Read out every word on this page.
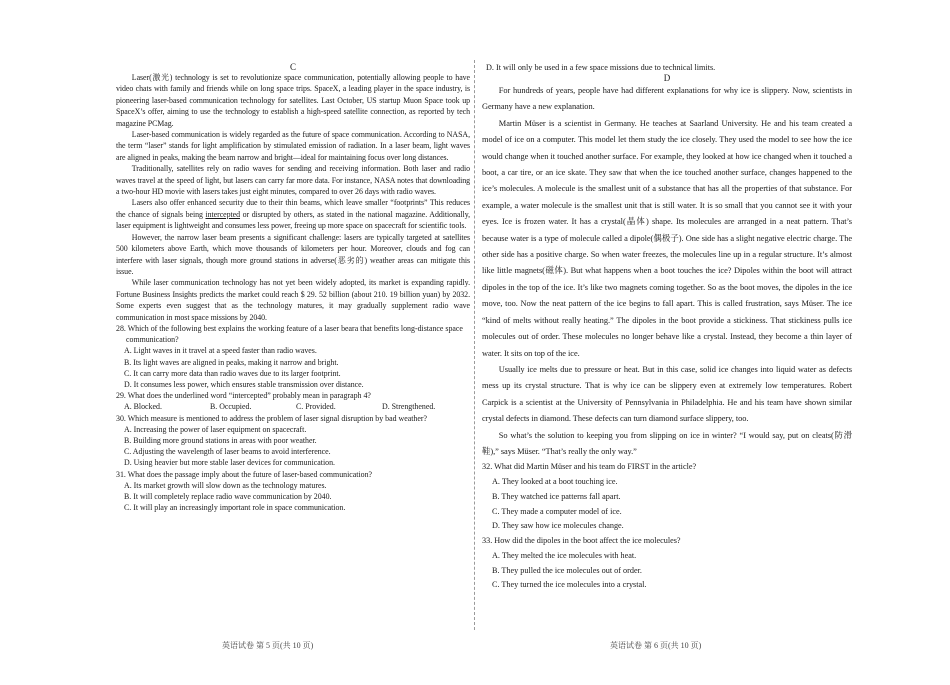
C

Laser(激光) technology is set to revolutionize space communication, potentially allowing people to have video chats with family and friends while on long space trips. SpaceX, a leading player in the space industry, is pioneering laser-based communication technology for satellites. Last October, US startup Muon Space took up SpaceX’s offer, aiming to use the technology to establish a high-speed satellite connection, as reported by tech magazine PCMag.

Laser-based communication is widely regarded as the future of space communication. According to NASA, the term “laser” stands for light amplification by stimulated emission of radiation. In a laser beam, light waves are aligned in peaks, making the beam narrow and bright—ideal for maintaining focus over long distances.

Traditionally, satellites rely on radio waves for sending and receiving information. Both laser and radio waves travel at the speed of light, but lasers can carry far more data. For instance, NASA notes that downloading a two-hour HD movie with lasers takes just eight minutes, compared to over 26 days with radio waves.

Lasers also offer enhanced security due to their thin beams, which leave smaller “footprints” This reduces the chance of signals being intercepted or disrupted by others, as stated in the national magazine. Additionally, laser equipment is lightweight and consumes less power, freeing up more space on spacecraft for scientific tools.

However, the narrow laser beam presents a significant challenge: lasers are typically targeted at satellites 500 kilometers above Earth, which move thousands of kilometers per hour. Moreover, clouds and fog can interfere with laser signals, though more ground stations in adverse(恶劣的) weather areas can mitigate this issue.

While laser communication technology has not yet been widely adopted, its market is expanding rapidly. Fortune Business Insights predicts the market could reach $ 29. 52 billion (about 210. 19 billion yuan) by 2032. Some experts even suggest that as the technology matures, it may gradually supplement radio wave communication in most space missions by 2040.

28. Which of the following best explains the working feature of a laser beara that benefits long-distance space communication?

A. Light waves in it travel at a speed faster than radio waves.

B. Its light waves are aligned in peaks, making it narrow and bright.

C. It can carry more data than radio waves due to its larger footprint.

D. It consumes less power, which ensures stable transmission over distance.

29. What does the underlined word “intercepted” probably mean in paragraph 4?

A. Blocked.	B. Occupied.	C. Provided.	D. Strengthened.

30. Which measure is mentioned to address the problem of laser signal disruption by bad weather?

A. Increasing the power of laser equipment on spacecraft.

B. Building more ground stations in areas with poor weather.

C. Adjusting the wavelength of laser beams to avoid interference.

D. Using heavier but more stable laser devices for communication.

31. What does the passage imply about the future of laser-based communication?

A. Its market growth will slow down as the technology matures.

B. It will completely replace radio wave communication by 2040.

C. It will play an increasingly important role in space communication.

D. It will only be used in a few space missions due to technical limits.

D

For hundreds of years, people have had different explanations for why ice is slippery. Now, scientists in Germany have a new explanation.

Martin Müser is a scientist in Germany. He teaches at Saarland University. He and his team created a model of ice on a computer. This model let them study the ice closely. They used the model to see how the ice would change when it touched another surface. For example, they looked at how ice changed when it touched a boot, a car tire, or an ice skate. They saw that when the ice touched another surface, changes happened to the ice’s molecules. A molecule is the smallest unit of a substance that has all the properties of that substance. For example, a water molecule is the smallest unit that is still water. It is so small that you cannot see it with your eyes. Ice is frozen water. It has a crystal(晶体) shape. Its molecules are arranged in a neat pattern. That’s because water is a type of molecule called a dipole(偶极子). One side has a slight negative electric charge. The other side has a positive charge. So when water freezes, the molecules line up in a regular structure. It’s almost like little magnets(磁体). But what happens when a boot touches the ice? Dipoles within the boot will attract dipoles in the top of the ice. It’s like two magnets coming together. So as the boot moves, the dipoles in the ice move, too. Now the neat pattern of the ice begins to fall apart. This is called frustration, says Müser. The ice “kind of melts without really heating.” The dipoles in the boot provide a stickiness. That stickiness pulls ice molecules out of order. These molecules no longer behave like a crystal. Instead, they become a thin layer of water. It sits on top of the ice.

Usually ice melts due to pressure or heat. But in this case, solid ice changes into liquid water as defects mess up its crystal structure. That is why ice can be slippery even at extremely low temperatures. Robert Carpick is a scientist at the University of Pennsylvania in Philadelphia. He and his team have shown similar crystal defects in diamond. These defects can turn diamond surface slippery, too.

So what’s the solution to keeping you from slipping on ice in winter? “I would say, put on cleats(防滑鞋),” says Müser. “That’s really the only way.”

32. What did Martin Müser and his team do FIRST in the article?

A. They looked at a boot touching ice.

B. They watched ice patterns fall apart.

C. They made a computer model of ice.

D. They saw how ice molecules change.

33. How did the dipoles in the boot affect the ice molecules?

A. They melted the ice molecules with heat.

B. They pulled the ice molecules out of order.

C. They turned the ice molecules into a crystal.

英语试卷 第 5 页(共 10 页)	英语试卷 第 6 页(共 10 页)
